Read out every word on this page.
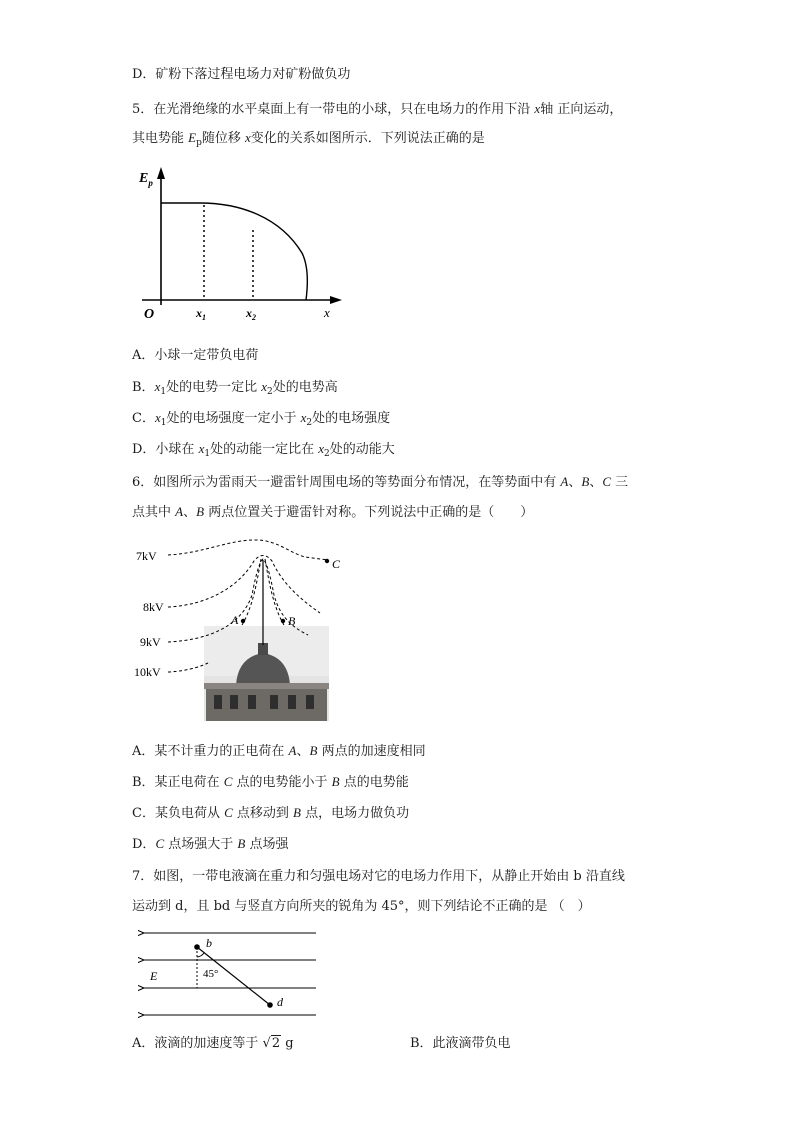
D．矿粉下落过程电场力对矿粉做负功
5．在光滑绝缘的水平桌面上有一带电的小球，只在电场力的作用下沿 x轴 正向运动，
其电势能 $E_p$随位移 x变化的关系如图所示．下列说法正确的是
$E_p$
O	$x_1$	$x_2$	x
A．小球一定带负电荷
B．$x_1$处的电势一定比 $x_2$处的电势高
C．$x_1$处的电场强度一定小于 $x_2$处的电场强度
D．小球在 $x_1$处的动能一定比在 $x_2$处的动能大
6．如图所示为雷雨天一避雷针周围电场的等势面分布情况，在等势面中有 A、B、C 三
点其中 A、B 两点位置关于避雷针对称。下列说法中正确的是（　　）
7kV
8kV
9kV
10kV
A	B
C
A．某不计重力的正电荷在 A、B 两点的加速度相同
B．某正电荷在 C 点的电势能小于 B 点的电势能
C．某负电荷从 C 点移动到 B 点，电场力做负功
D．C 点场强大于 B 点场强
7．如图，一带电液滴在重力和匀强电场对它的电场力作用下，从静止开始由 b 沿直线
运动到 d，且 bd 与竖直方向所夹的锐角为 45°，则下列结论不正确的是 （　）
b
d
E	45°
A．液滴的加速度等于 √2 g	B．此液滴带负电
